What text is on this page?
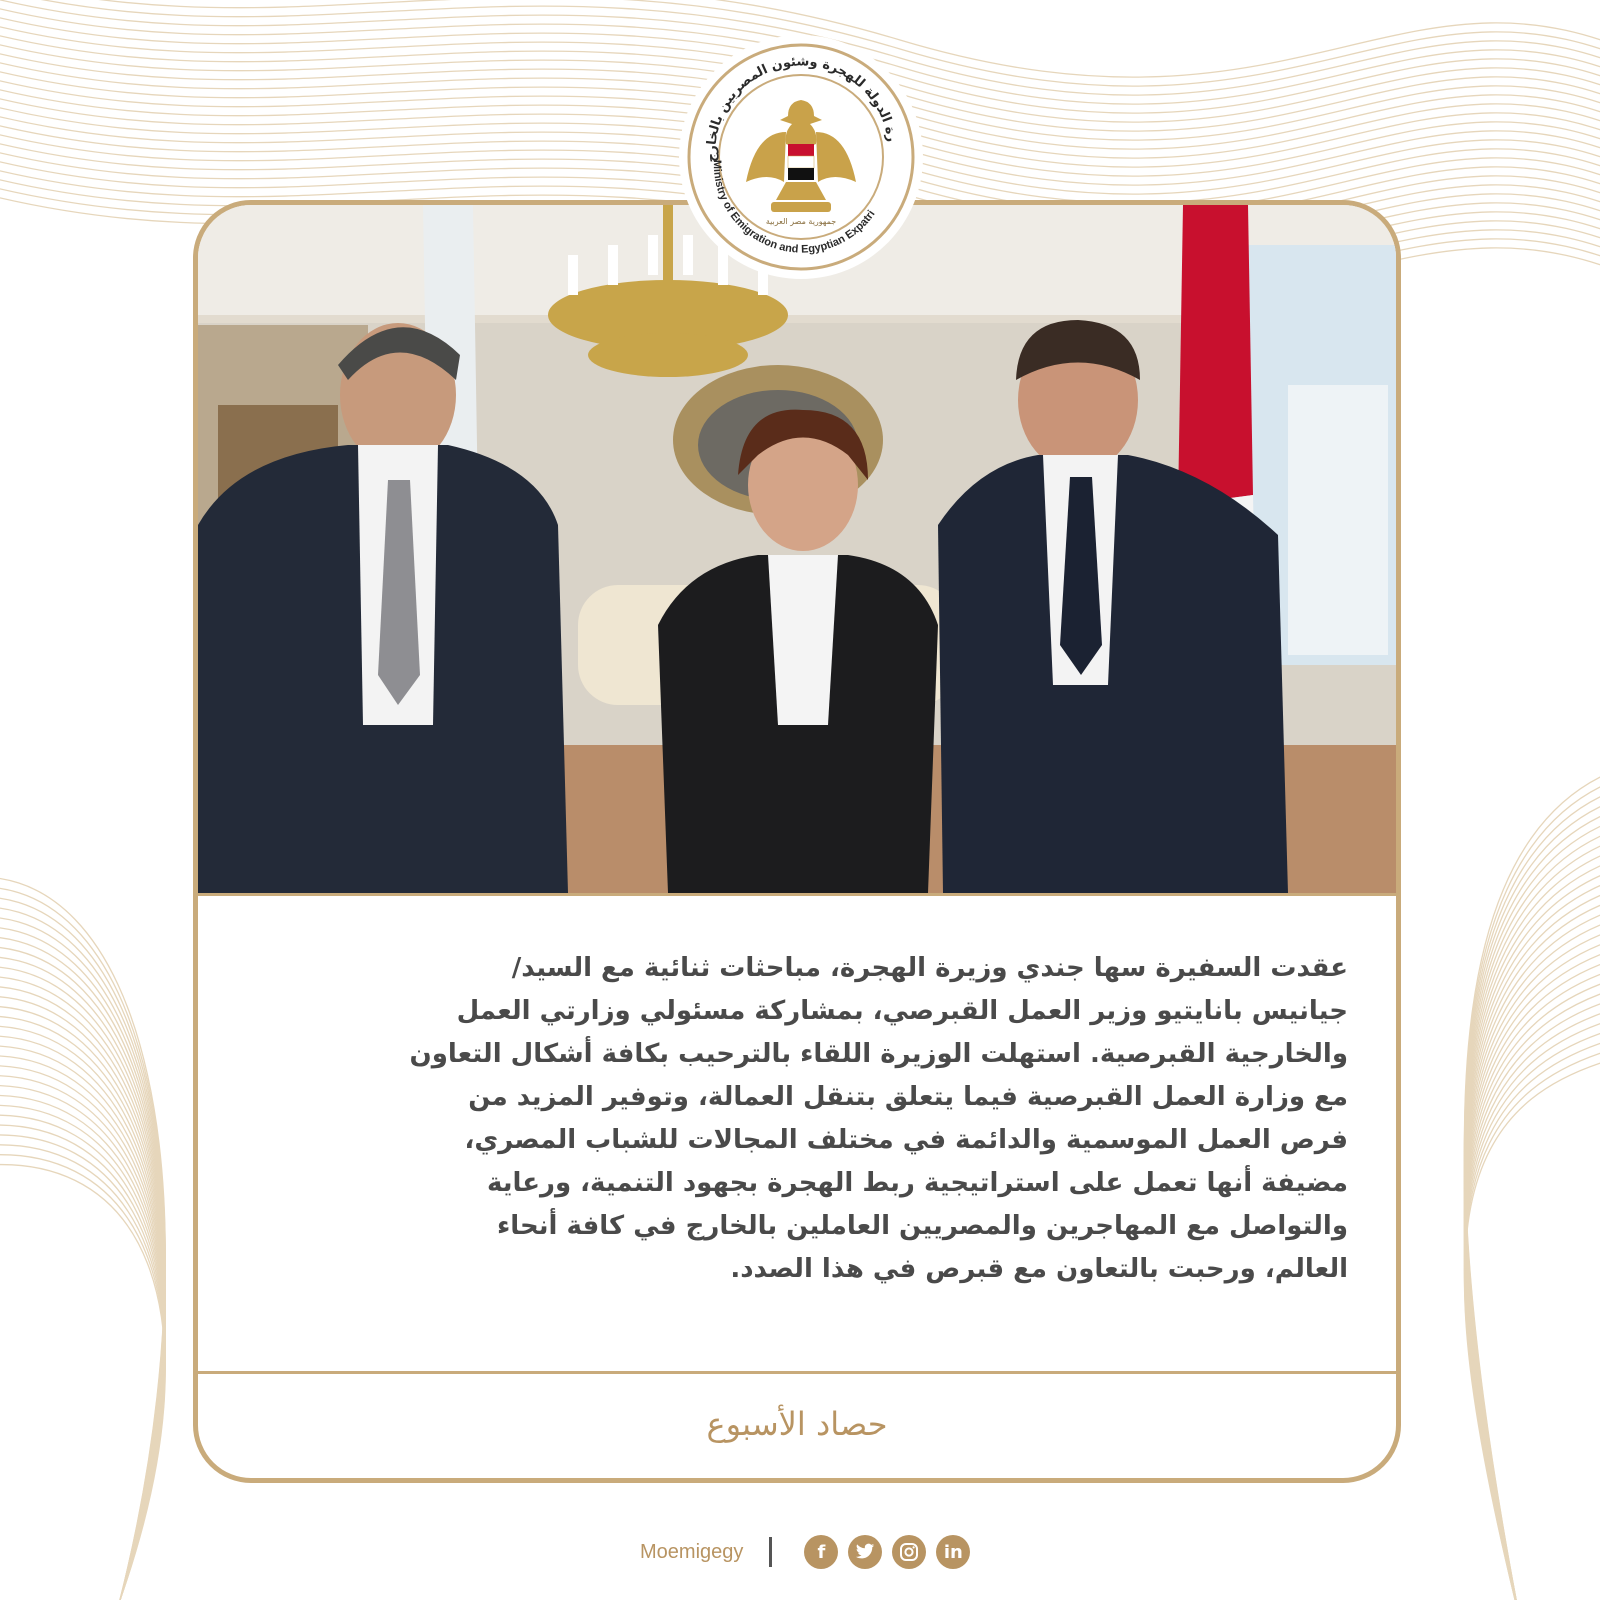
عقدت السفيرة سها جندي وزيرة الهجرة، مباحثات ثنائية مع السيد/
جيانيس بانايتيو وزير العمل القبرصي، بمشاركة مسئولي وزارتي العمل
والخارجية القبرصية. استهلت الوزيرة اللقاء بالترحيب بكافة أشكال التعاون
مع وزارة العمل القبرصية فيما يتعلق بتنقل العمالة، وتوفير المزيد من
فرص العمل الموسمية والدائمة في مختلف المجالات للشباب المصري،
مضيفة أنها تعمل على استراتيجية ربط الهجرة بجهود التنمية، ورعاية
والتواصل مع المهاجرين والمصريين العاملين بالخارج في كافة أنحاء
العالم، ورحبت بالتعاون مع قبرص في هذا الصدد.
حصاد الأسبوع
رة الدولة للهجرة وشئون المصريين بالخارج
Ministry of Emigration and Egyptian Expatri
جمهورية مصر العربية
Moemigegy	f	in
